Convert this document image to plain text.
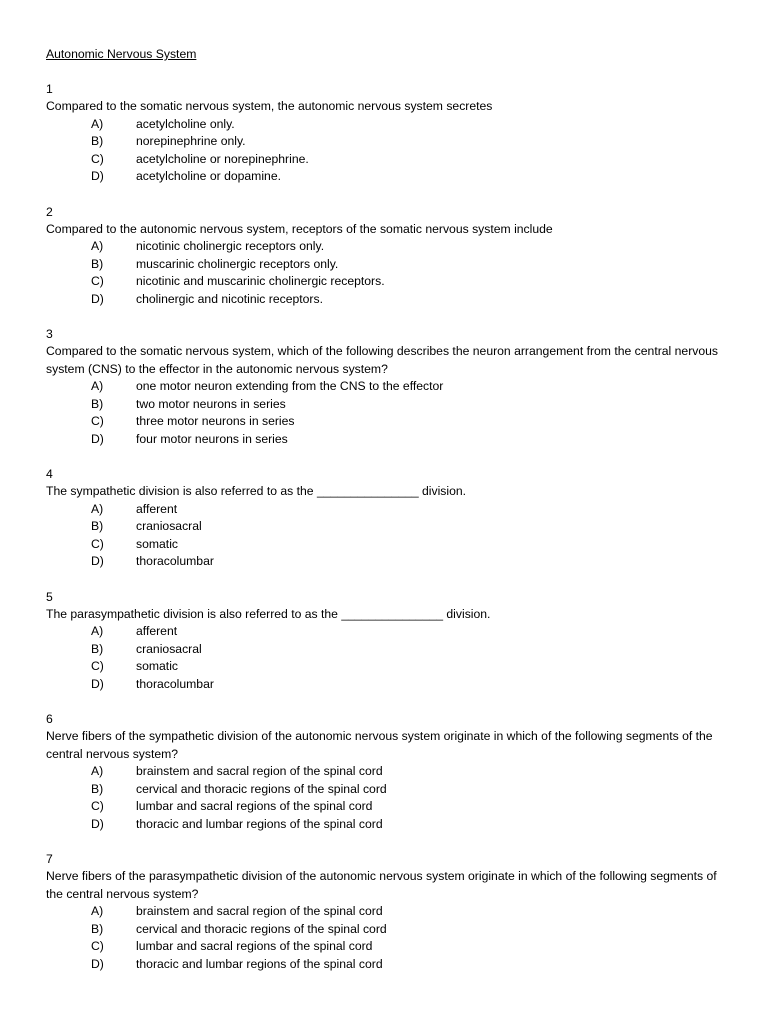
Autonomic Nervous System
1
Compared to the somatic nervous system, the autonomic nervous system secretes
A)	acetylcholine only.
B)	norepinephrine only.
C)	acetylcholine or norepinephrine.
D)	acetylcholine or dopamine.
2
Compared to the autonomic nervous system, receptors of the somatic nervous system include
A)	nicotinic cholinergic receptors only.
B)	muscarinic cholinergic receptors only.
C)	nicotinic and muscarinic cholinergic receptors.
D)	cholinergic and nicotinic receptors.
3
Compared to the somatic nervous system, which of the following describes the neuron arrangement from the central nervous system (CNS) to the effector in the autonomic nervous system?
A)	one motor neuron extending from the CNS to the effector
B)	two motor neurons in series
C)	three motor neurons in series
D)	four motor neurons in series
4
The sympathetic division is also referred to as the _______________ division.
A)	afferent
B)	craniosacral
C)	somatic
D)	thoracolumbar
5
The parasympathetic division is also referred to as the _______________ division.
A)	afferent
B)	craniosacral
C)	somatic
D)	thoracolumbar
6
Nerve fibers of the sympathetic division of the autonomic nervous system originate in which of the following segments of the central nervous system?
A)	brainstem and sacral region of the spinal cord
B)	cervical and thoracic regions of the spinal cord
C)	lumbar and sacral regions of the spinal cord
D)	thoracic and lumbar regions of the spinal cord
7
Nerve fibers of the parasympathetic division of the autonomic nervous system originate in which of the following segments of the central nervous system?
A)	brainstem and sacral region of the spinal cord
B)	cervical and thoracic regions of the spinal cord
C)	lumbar and sacral regions of the spinal cord
D)	thoracic and lumbar regions of the spinal cord
